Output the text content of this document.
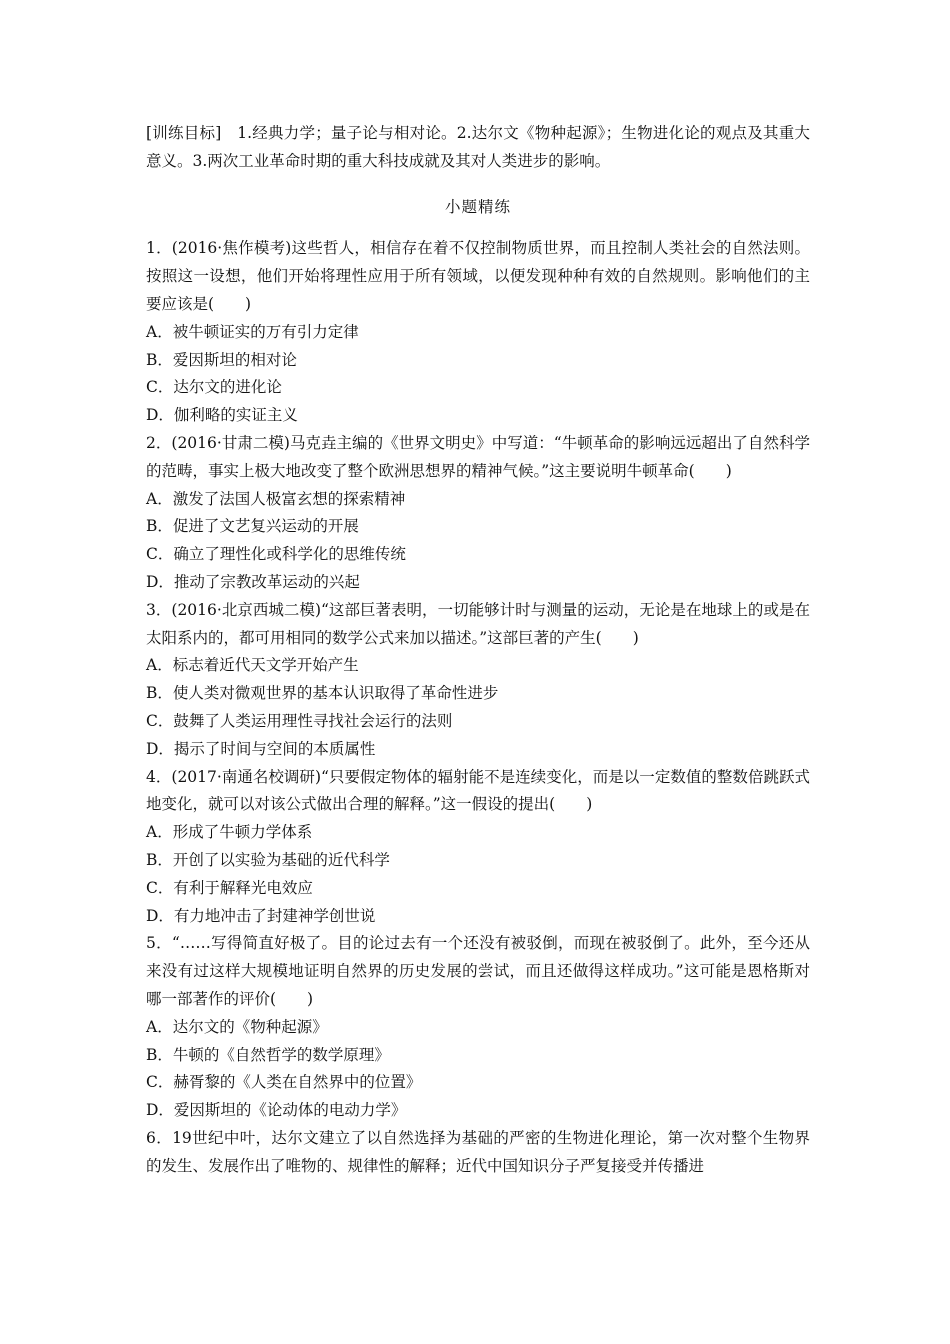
[训练目标]　 1.经典力学；量子论与相对论。2.达尔文《物种起源》；生物进化论的观点及其重大意义。3.两次工业革命时期的重大科技成就及其对人类进步的影响。

小题精练

1．(2016·焦作模考)这些哲人，相信存在着不仅控制物质世界，而且控制人类社会的自然法则。按照这一设想，他们开始将理性应用于所有领域，以便发现种种有效的自然规则。影响他们的主要应该是(　　)

A．被牛顿证实的万有引力定律
B．爱因斯坦的相对论
C．达尔文的进化论
D．伽利略的实证主义

2．(2016·甘肃二模)马克垚主编的《世界文明史》中写道：“牛顿革命的影响远远超出了自然科学的范畴，事实上极大地改变了整个欧洲思想界的精神气候。”这主要说明牛顿革命(　　)

A．激发了法国人极富玄想的探索精神
B．促进了文艺复兴运动的开展
C．确立了理性化或科学化的思维传统
D．推动了宗教改革运动的兴起

3．(2016·北京西城二模)“这部巨著表明，一切能够计时与测量的运动，无论是在地球上的或是在太阳系内的，都可用相同的数学公式来加以描述。”这部巨著的产生(　　)

A．标志着近代天文学开始产生
B．使人类对微观世界的基本认识取得了革命性进步
C．鼓舞了人类运用理性寻找社会运行的法则
D．揭示了时间与空间的本质属性

4．(2017·南通名校调研)“只要假定物体的辐射能不是连续变化，而是以一定数值的整数倍跳跃式地变化，就可以对该公式做出合理的解释。”这一假设的提出(　　)

A．形成了牛顿力学体系
B．开创了以实验为基础的近代科学
C．有利于解释光电效应
D．有力地冲击了封建神学创世说

5．“……写得简直好极了。目的论过去有一个还没有被驳倒，而现在被驳倒了。此外，至今还从来没有过这样大规模地证明自然界的历史发展的尝试，而且还做得这样成功。”这可能是恩格斯对哪一部著作的评价(　　)

A．达尔文的《物种起源》
B．牛顿的《自然哲学的数学原理》
C．赫胥黎的《人类在自然界中的位置》
D．爱因斯坦的《论动体的电动力学》

6．19世纪中叶，达尔文建立了以自然选择为基础的严密的生物进化理论，第一次对整个生物界的发生、发展作出了唯物的、规律性的解释；近代中国知识分子严复接受并传播进
